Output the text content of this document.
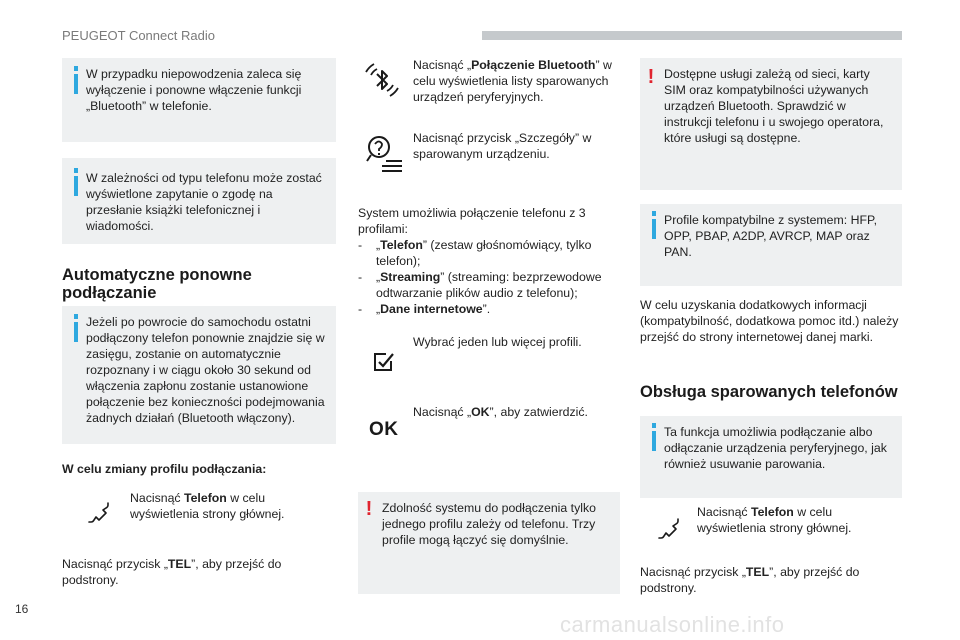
PEUGEOT Connect Radio

W przypadku niepowodzenia zaleca się wyłączenie i ponowne włączenie funkcji „Bluetooth” w telefonie.

W zależności od typu telefonu może zostać wyświetlone zapytanie o zgodę na przesłanie książki telefonicznej i wiadomości.

Automatyczne ponowne podłączanie

Jeżeli po powrocie do samochodu ostatni podłączony telefon ponownie znajdzie się w zasięgu, zostanie on automatycznie rozpoznany i w ciągu około 30 sekund od włączenia zapłonu zostanie ustanowione połączenie bez konieczności podejmowania żadnych działań (Bluetooth włączony).

W celu zmiany profilu podłączania:

Nacisnąć Telefon w celu wyświetlenia strony głównej.

Nacisnąć przycisk „TEL”, aby przejść do podstrony.

Nacisnąć „Połączenie Bluetooth” w celu wyświetlenia listy sparowanych urządzeń peryferyjnych.

Nacisnąć przycisk „Szczegóły” w sparowanym urządzeniu.

System umożliwia połączenie telefonu z 3 profilami:

- „Telefon” (zestaw głośnomówiący, tylko telefon);
- „Streaming” (streaming: bezprzewodowe odtwarzanie plików audio z telefonu);
- „Dane internetowe”.

Wybrać jeden lub więcej profili.

OK

Nacisnąć „OK”, aby zatwierdzić.

! Zdolność systemu do podłączenia tylko jednego profilu zależy od telefonu. Trzy profile mogą łączyć się domyślnie.

! Dostępne usługi zależą od sieci, karty SIM oraz kompatybilności używanych urządzeń Bluetooth. Sprawdzić w instrukcji telefonu i u swojego operatora, które usługi są dostępne.

Profile kompatybilne z systemem: HFP, OPP, PBAP, A2DP, AVRCP, MAP oraz PAN.

W celu uzyskania dodatkowych informacji (kompatybilność, dodatkowa pomoc itd.) należy przejść do strony internetowej danej marki.

Obsługa sparowanych telefonów

Ta funkcja umożliwia podłączanie albo odłączanie urządzenia peryferyjnego, jak również usuwanie parowania.

Nacisnąć Telefon w celu wyświetlenia strony głównej.

Nacisnąć przycisk „TEL”, aby przejść do podstrony.

16
carmanualsonline.info
